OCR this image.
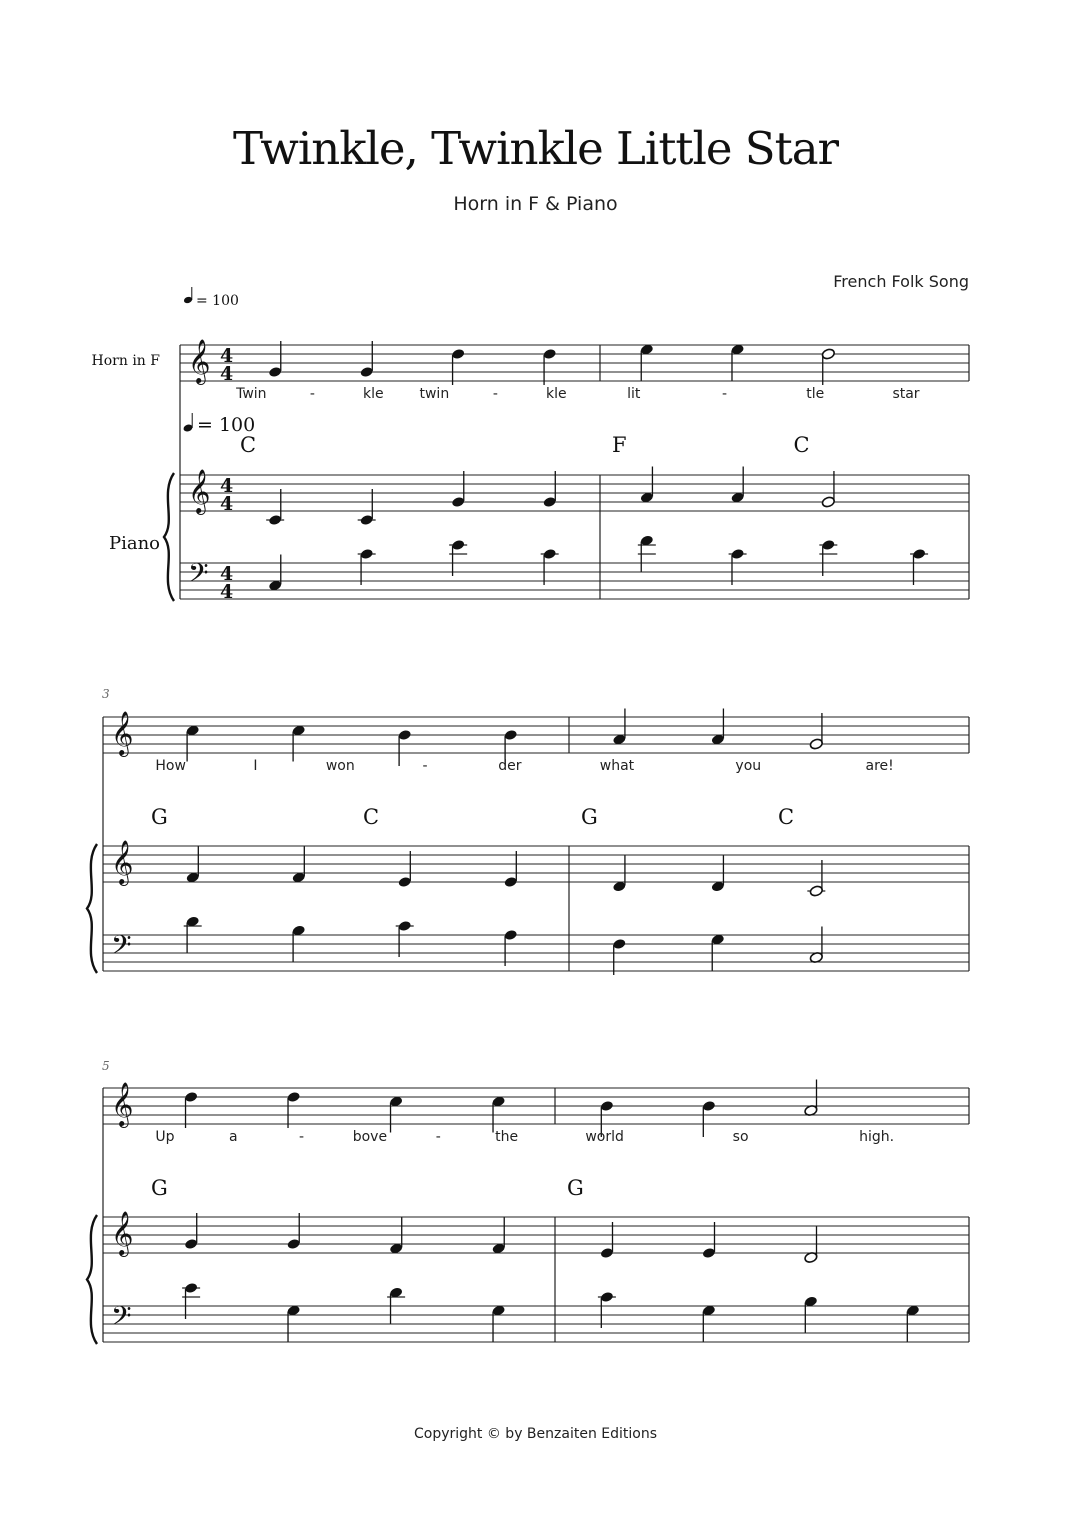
Twinkle, Twinkle Little Star
Horn in F & Piano
French Folk Song
𝄞
𝄞
𝄢
4
4
4
4
4
4
Horn in F
Piano
= 100
= 100
C
Twin	-	kle	twin	-	kle
F	C
lit	-	tle	star
𝄞
𝄞
𝄢
3
G	C
How	I	won	-	der
G	C
what	you	are!
𝄞
𝄞
𝄢
5
G
Up	a	-	bove	-	the
G
world	so	high.
Copyright © by Benzaiten Editions
